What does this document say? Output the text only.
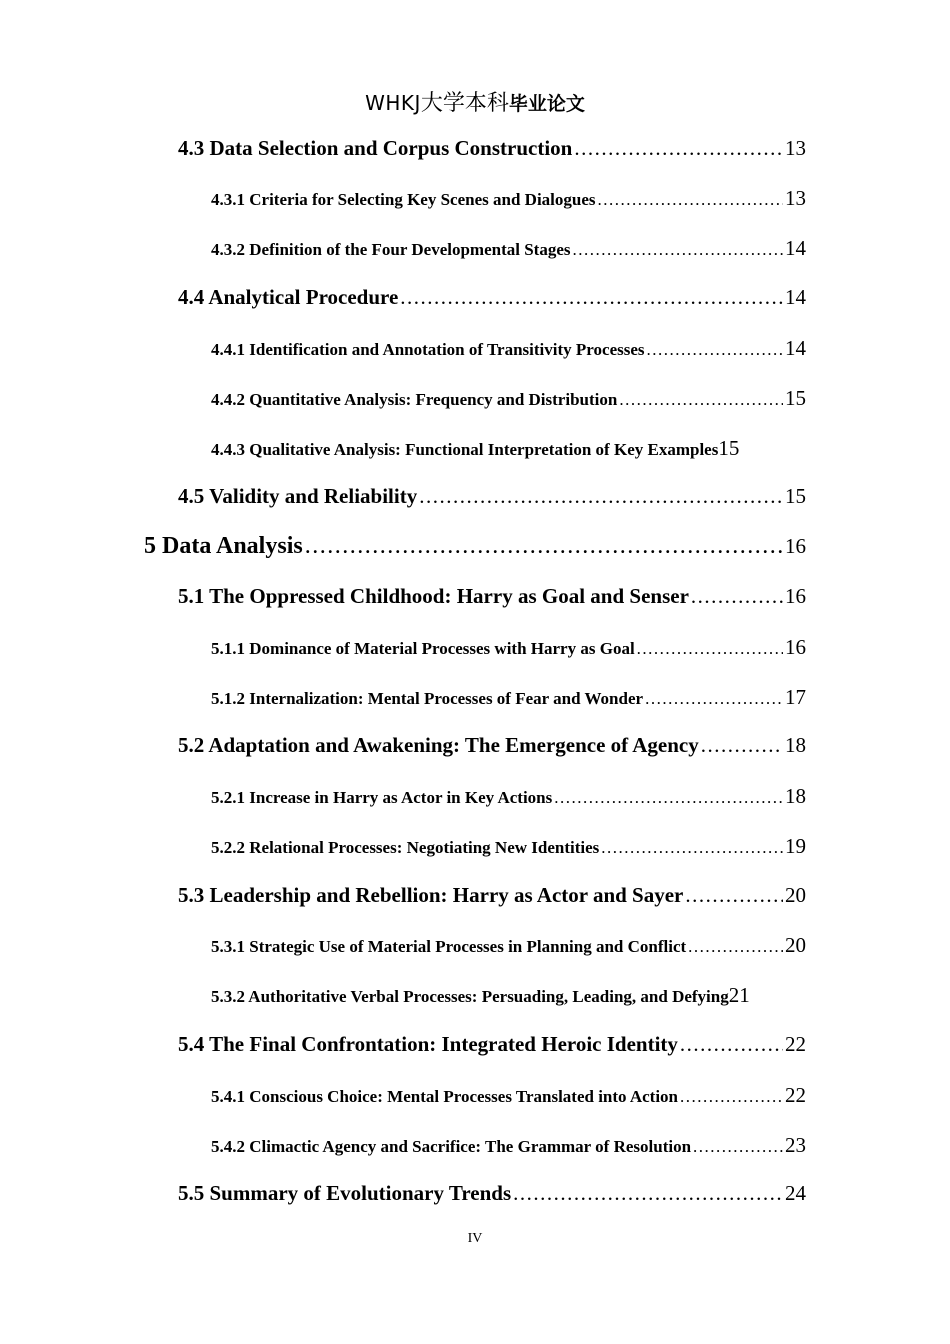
WHKJ大学本科毕业论文
4.3 Data Selection and Corpus Construction .....	13
4.3.1 Criteria for Selecting Key Scenes and Dialogues .....	13
4.3.2 Definition of the Four Developmental Stages .....	14
4.4 Analytical Procedure .....	14
4.4.1 Identification and Annotation of Transitivity Processes .....	14
4.4.2 Quantitative Analysis: Frequency and Distribution .....	15
4.4.3 Qualitative Analysis: Functional Interpretation of Key Examples 15
4.5 Validity and Reliability .....	15
5 Data Analysis .....	16
5.1 The Oppressed Childhood: Harry as Goal and Senser .....	16
5.1.1 Dominance of Material Processes with Harry as Goal .....	16
5.1.2 Internalization: Mental Processes of Fear and Wonder .....	17
5.2 Adaptation and Awakening: The Emergence of Agency .....	18
5.2.1 Increase in Harry as Actor in Key Actions .....	18
5.2.2 Relational Processes: Negotiating New Identities .....	19
5.3 Leadership and Rebellion: Harry as Actor and Sayer .....	20
5.3.1 Strategic Use of Material Processes in Planning and Conflict .....	20
5.3.2 Authoritative Verbal Processes: Persuading, Leading, and Defying 21
5.4 The Final Confrontation: Integrated Heroic Identity .....	22
5.4.1 Conscious Choice: Mental Processes Translated into Action .....	22
5.4.2 Climactic Agency and Sacrifice: The Grammar of Resolution .....	23
5.5 Summary of Evolutionary Trends .....	24
IV
